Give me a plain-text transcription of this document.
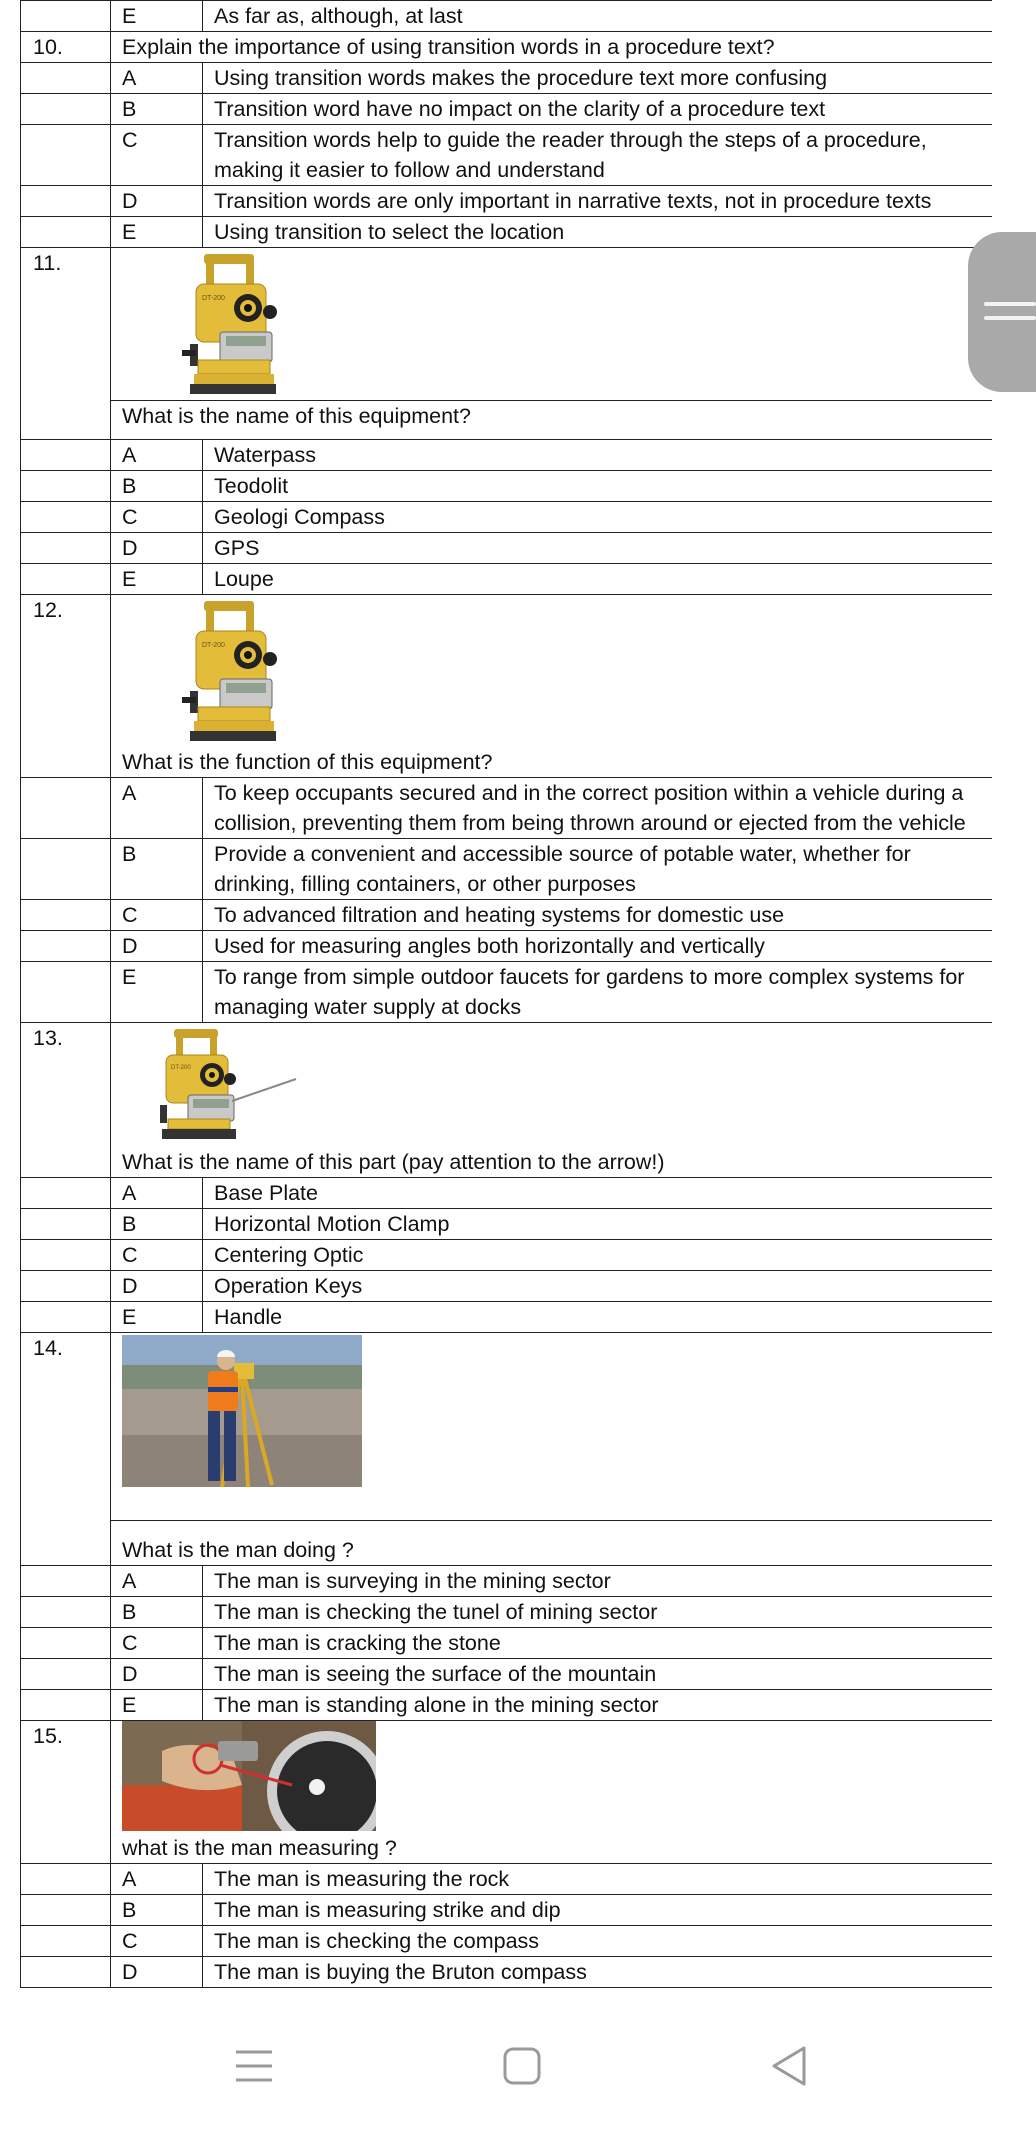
	E	As far as, although, at last
10.	Explain the importance of using transition words in a procedure text?	
	A	Using transition words makes the procedure text more confusing
	B	Transition word have no impact on the clarity of a procedure text
	C	Transition words help to guide the reader through the steps of a procedure, making it easier to follow and understand
	D	Transition words are only important in narrative texts, not in procedure texts
	E	Using transition to select the location
11.	DT-200	

	What is the name of this equipment?	
	A	Waterpass
	B	Teodolit
	C	Geologi Compass
	D	GPS
	E	Loupe
12.	DT-200
What is the function of this equipment?	

	A	To keep occupants secured and in the correct position within a vehicle during a collision, preventing them from being thrown around or ejected from the vehicle
	B	Provide a convenient and accessible source of potable water, whether for drinking, filling containers, or other purposes
	C	To advanced filtration and heating systems for domestic use
	D	Used for measuring angles both horizontally and vertically
	E	To range from simple outdoor faucets for gardens to more complex systems for managing water supply at docks
13.	DT-200
What is the name of this part (pay attention to the arrow!)	

	A	Base Plate
	B	Horizontal Motion Clamp
	C	Centering Optic
	D	Operation Keys
	E	Handle
14.	

	What is the man doing ?	
	A	The man is surveying in the mining sector
	B	The man is checking the tunel of mining sector
	C	The man is cracking the stone
	D	The man is seeing the surface of the mountain
	E	The man is standing alone in the mining sector
15.	what is the man measuring ?	

	A	The man is measuring the rock
	B	The man is measuring strike and dip
	C	The man is checking the compass
	D	The man is buying the Bruton compass
